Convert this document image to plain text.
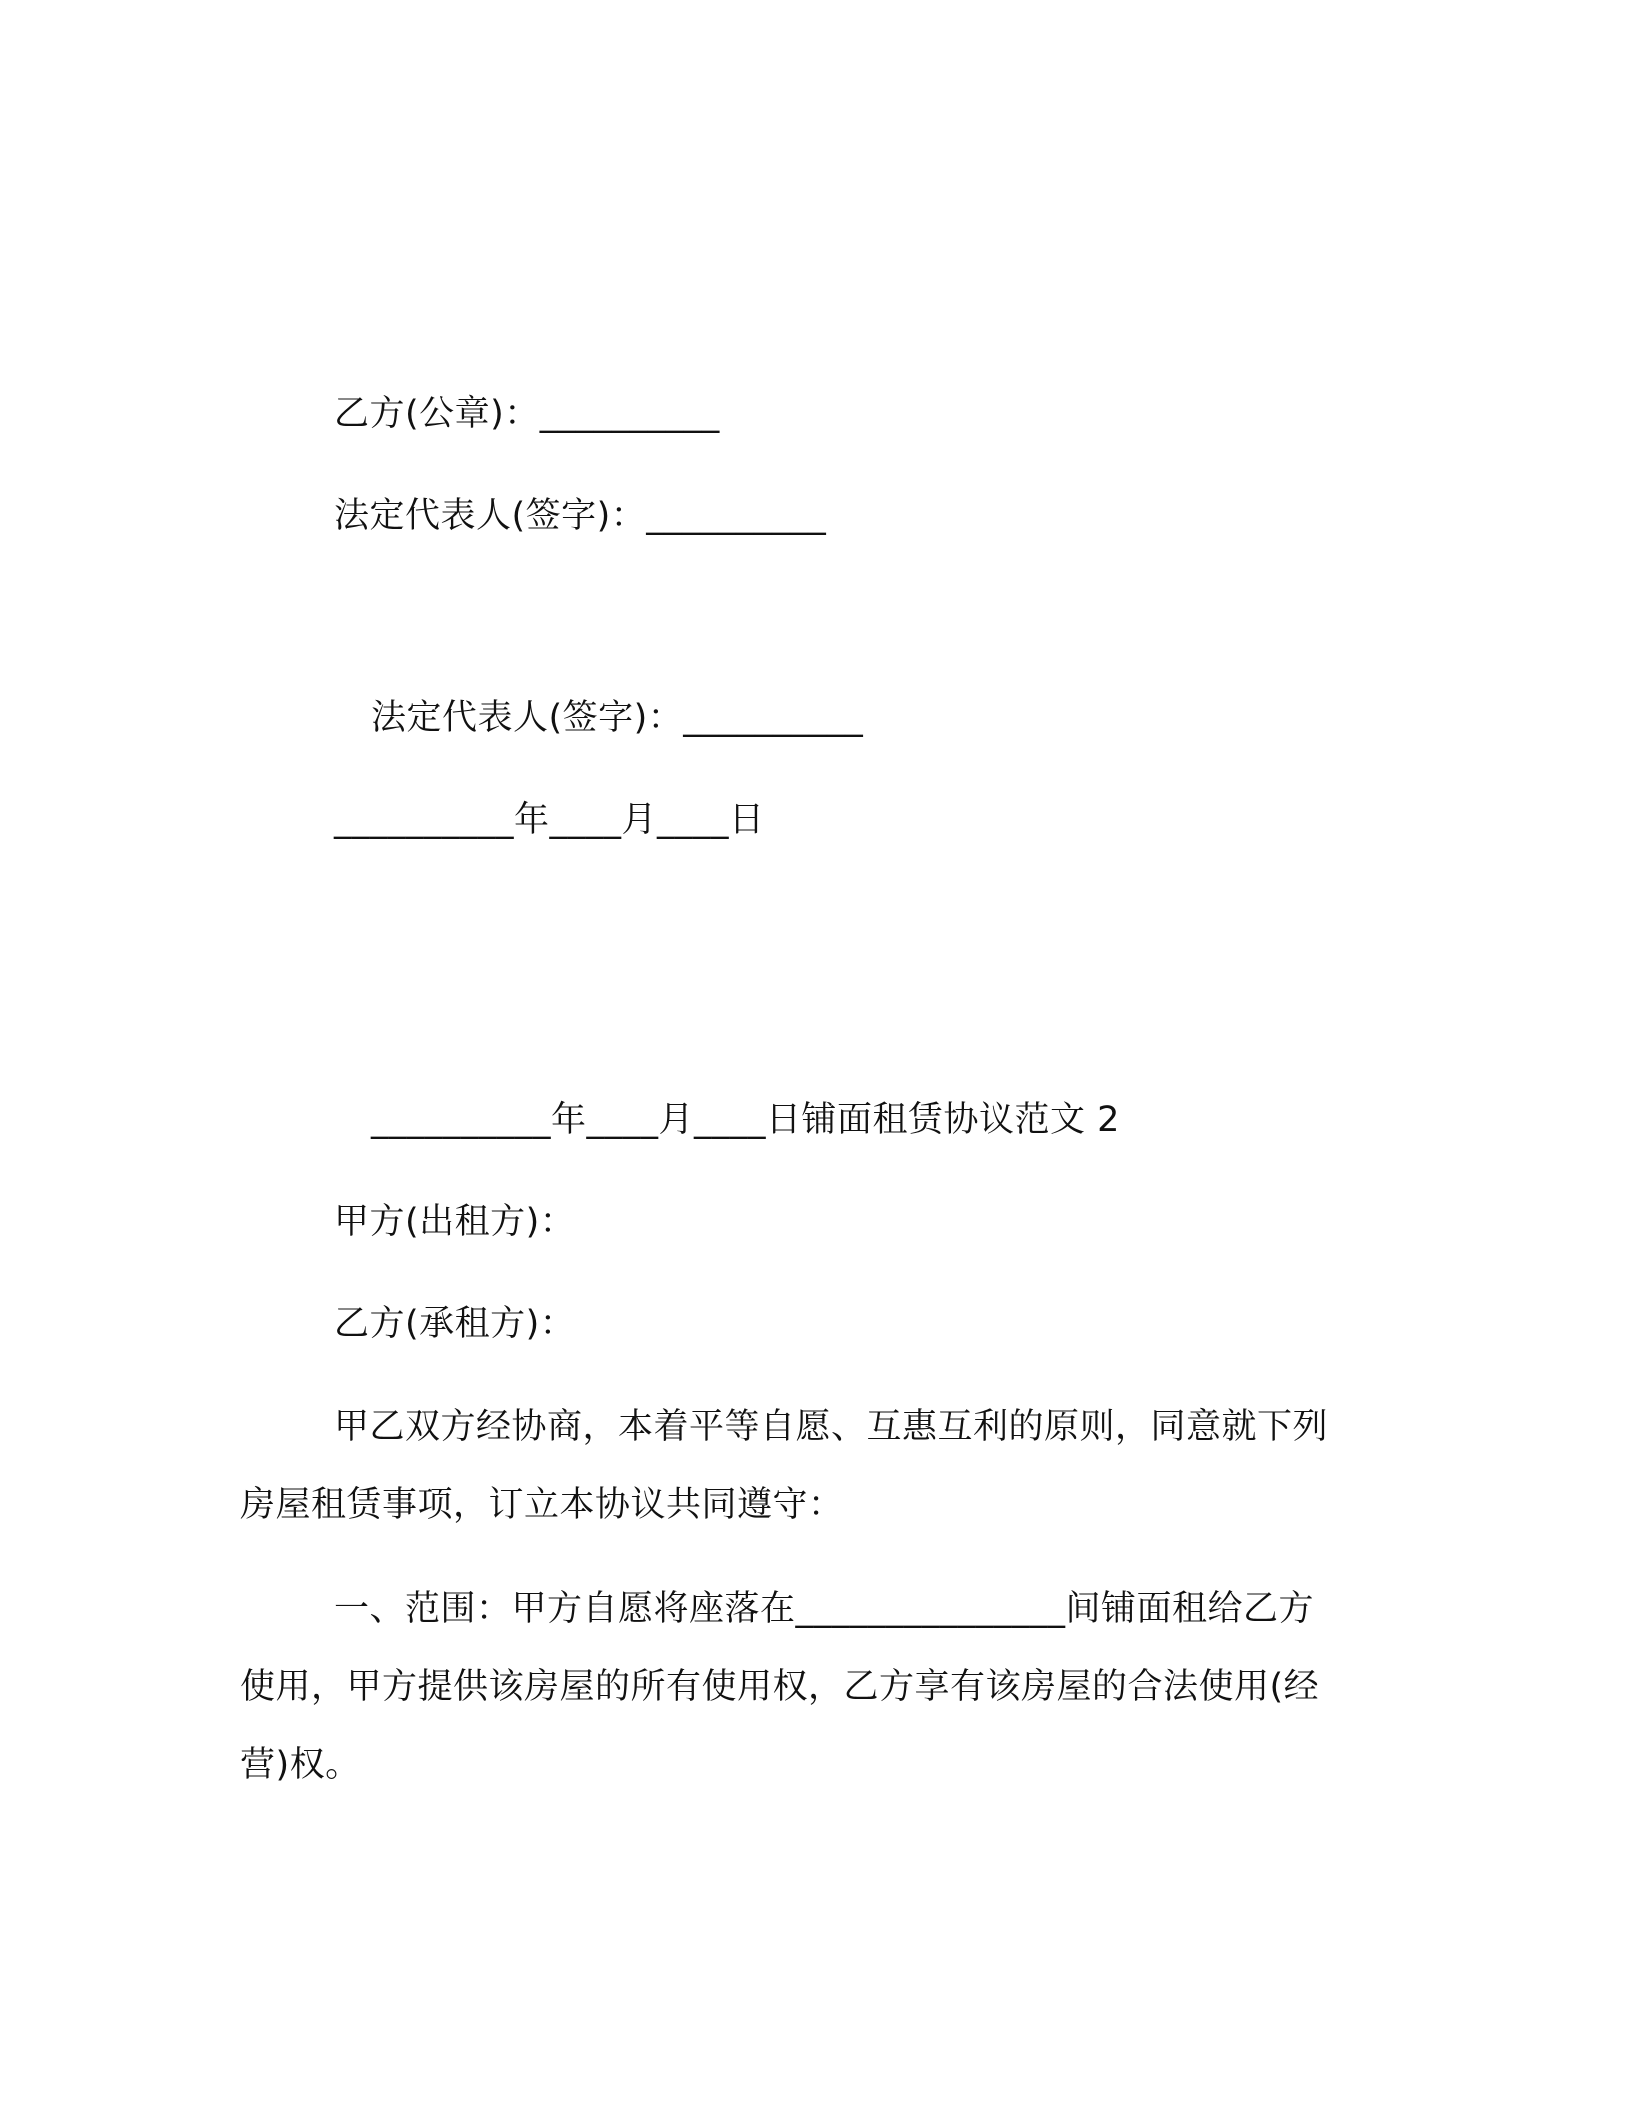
乙方(公章)：__________
法定代表人(签字)：__________
法定代表人(签字)：__________
__________年____月____日
__________年____月____日铺面租赁协议范文 2
甲方(出租方)：
乙方(承租方)：
甲乙双方经协商，本着平等自愿、互惠互利的原则，同意就下列
房屋租赁事项，订立本协议共同遵守：
一、范围：甲方自愿将座落在_______________间铺面租给乙方
使用，甲方提供该房屋的所有使用权，乙方享有该房屋的合法使用(经
营)权。
